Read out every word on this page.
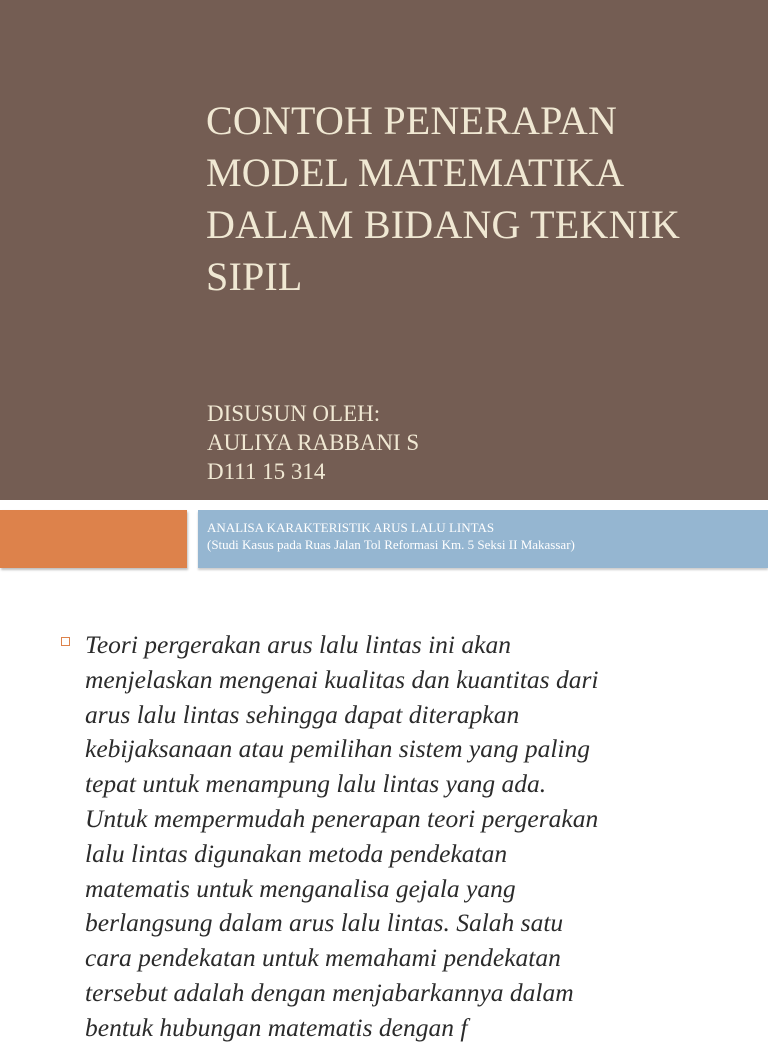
CONTOH PENERAPAN
MODEL MATEMATIKA
DALAM BIDANG TEKNIK
SIPIL
DISUSUN OLEH:
AULIYA RABBANI S
D111 15 314
ANALISA KARAKTERISTIK ARUS LALU LINTAS
(Studi Kasus pada Ruas Jalan Tol Reformasi Km. 5 Seksi II Makassar)
Teori pergerakan arus lalu lintas ini akan
menjelaskan mengenai kualitas dan kuantitas dari
arus lalu lintas sehingga dapat diterapkan
kebijaksanaan atau pemilihan sistem yang paling
tepat untuk menampung lalu lintas yang ada.
Untuk mempermudah penerapan teori pergerakan
lalu lintas digunakan metoda pendekatan
matematis untuk menganalisa gejala yang
berlangsung dalam arus lalu lintas. Salah satu
cara pendekatan untuk memahami pendekatan
tersebut adalah dengan menjabarkannya dalam
bentuk hubungan matematis dengan f
